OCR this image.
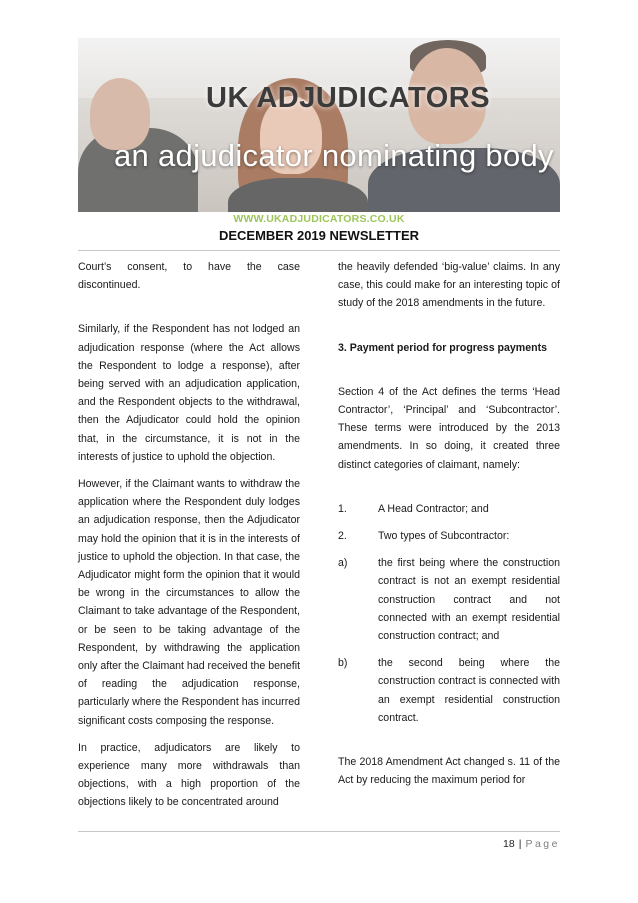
UK ADJUDICATORS
an adjudicator nominating body
WWW.UKADJUDICATORS.CO.UK
DECEMBER 2019 NEWSLETTER

Court’s consent, to have the case discontinued.

Similarly, if the Respondent has not lodged an adjudication response (where the Act allows the Respondent to lodge a response), after being served with an adjudication application, and the Respondent objects to the withdrawal, then the Adjudicator could hold the opinion that, in the circumstance, it is not in the interests of justice to uphold the objection.

However, if the Claimant wants to withdraw the application where the Respondent duly lodges an adjudication response, then the Adjudicator may hold the opinion that it is in the interests of justice to uphold the objection. In that case, the Adjudicator might form the opinion that it would be wrong in the circumstances to allow the Claimant to take advantage of the Respondent, or be seen to be taking advantage of the Respondent, by withdrawing the application only after the Claimant had received the benefit of reading the adjudication response, particularly where the Respondent has incurred significant costs composing the response.

In practice, adjudicators are likely to experience many more withdrawals than objections, with a high proportion of the objections likely to be concentrated around

the heavily defended ‘big-value’ claims. In any case, this could make for an interesting topic of study of the 2018 amendments in the future.

3. Payment period for progress payments

Section 4 of the Act defines the terms ‘Head Contractor’, ‘Principal’ and ‘Subcontractor’. These terms were introduced by the 2013 amendments. In so doing, it created three distinct categories of claimant, namely:

1.	A Head Contractor; and
2.	Two types of Subcontractor:
a)	the first being where the construction contract is not an exempt residential construction contract and not connected with an exempt residential construction contract; and
b)	the second being where the construction contract is connected with an exempt residential construction contract.

The 2018 Amendment Act changed s. 11 of the Act by reducing the maximum period for

18 | Page
